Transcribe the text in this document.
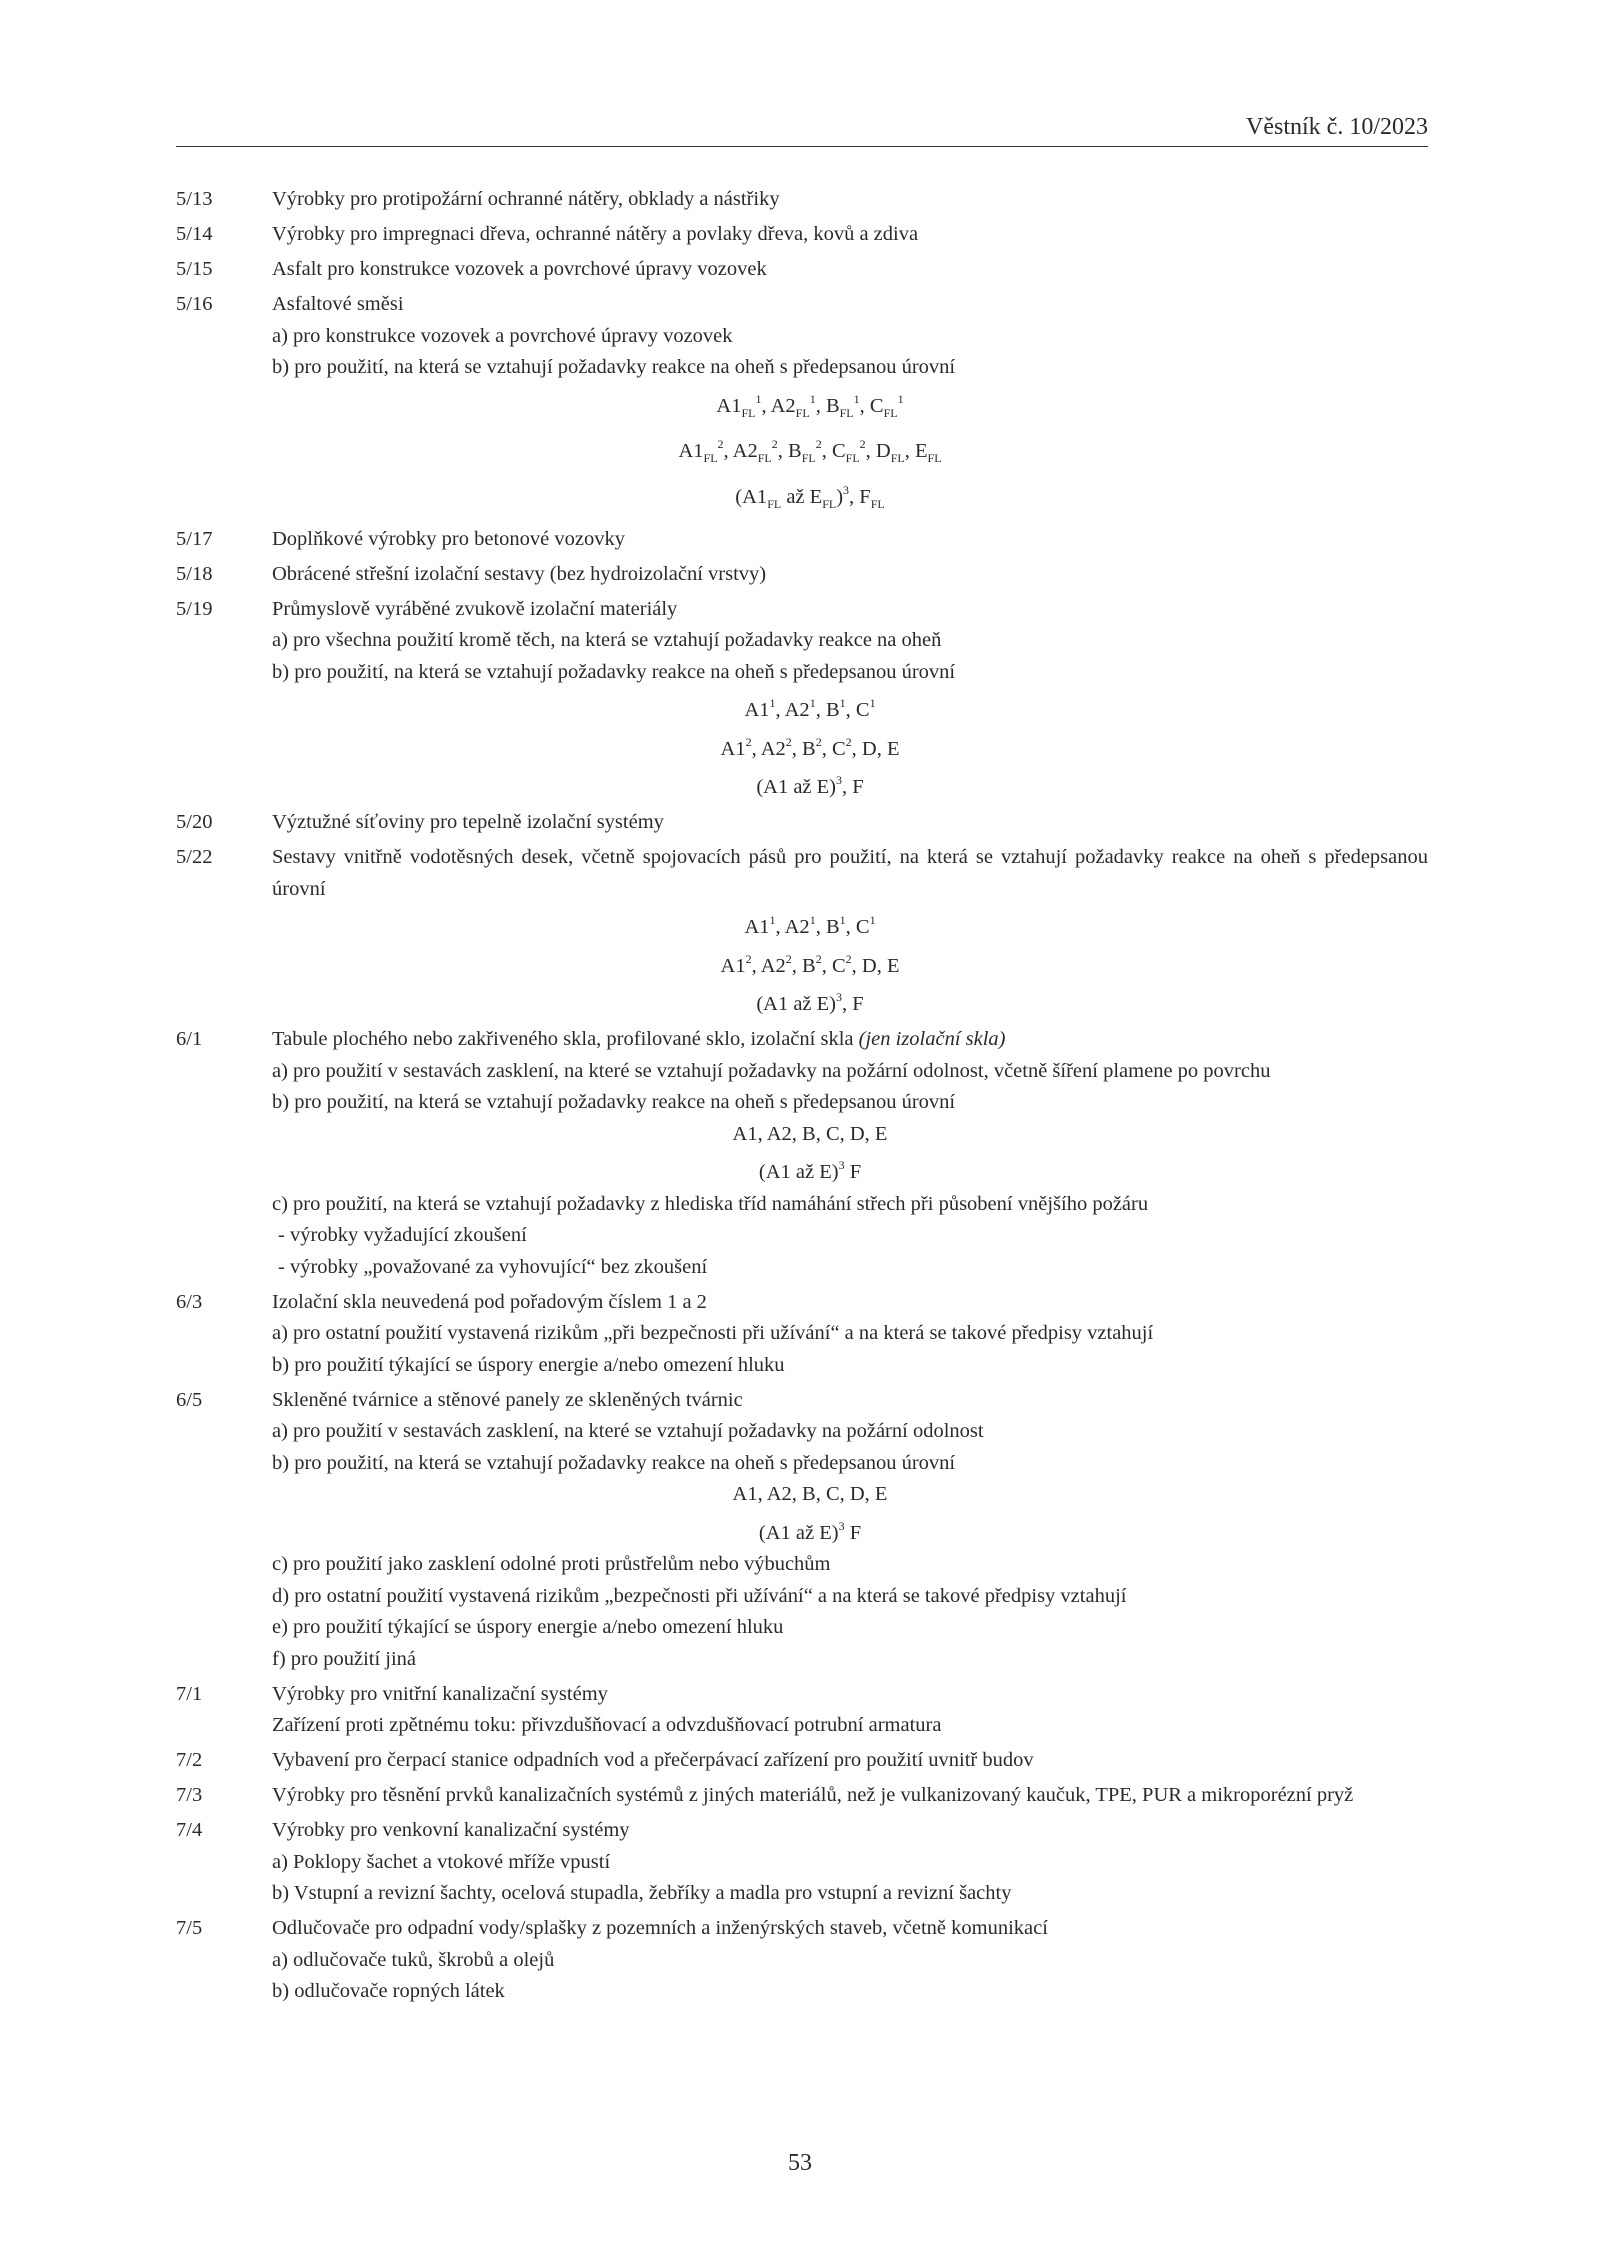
Věstník č. 10/2023
5/13	Výrobky pro protipožární ochranné nátěry, obklady a nástřiky
5/14	Výrobky pro impregnaci dřeva, ochranné nátěry a povlaky dřeva, kovů a zdiva
5/15	Asfalt pro konstrukce vozovek a povrchové úpravy vozovek
5/16	Asfaltové směsi
a) pro konstrukce vozovek a povrchové úpravy vozovek
b) pro použití, na která se vztahují požadavky reakce na oheň s předepsanou úrovní
$A1_{FL}^1$, $A2_{FL}^1$, $B_{FL}^1$, $C_{FL}^1$
$A1_{FL}^2$, $A2_{FL}^2$, $B_{FL}^2$, $C_{FL}^2$, $D_{FL}$, $E_{FL}$
($A1_{FL}$ až $E_{FL})^3$, $F_{FL}$
5/17	Doplňkové výrobky pro betonové vozovky
5/18	Obrácené střešní izolační sestavy (bez hydroizolační vrstvy)
5/19	Průmyslově vyráběné zvukově izolační materiály
a) pro všechna použití kromě těch, na která se vztahují požadavky reakce na oheň
b) pro použití, na která se vztahují požadavky reakce na oheň s předepsanou úrovní
$A1^1$, $A2^1$, $B^1$, $C^1$
$A1^2$, $A2^2$, $B^2$, $C^2$, D, E
(A1 až E)$^3$, F
5/20	Výztužné síťoviny pro tepelně izolační systémy
5/22	Sestavy vnitřně vodotěsných desek, včetně spojovacích pásů pro použití, na která se vztahují požadavky reakce na oheň s předepsanou úrovní
$A1^1$, $A2^1$, $B^1$, $C^1$
$A1^2$, $A2^2$, $B^2$, $C^2$, D, E
(A1 až E)$^3$, F
6/1	Tabule plochého nebo zakřiveného skla, profilované sklo, izolační skla (jen izolační skla)
a) pro použití v sestavách zasklení, na které se vztahují požadavky na požární odolnost, včetně šíření plamene po povrchu
b) pro použití, na která se vztahují požadavky reakce na oheň s předepsanou úrovní
A1, A2, B, C, D, E
(A1 až E)$^3$ F
c) pro použití, na která se vztahují požadavky z hlediska tříd namáhání střech při působení vnějšího požáru
- výrobky vyžadující zkoušení
- výrobky „považované za vyhovující“ bez zkoušení
6/3	Izolační skla neuvedená pod pořadovým číslem 1 a 2
a) pro ostatní použití vystavená rizikům „při bezpečnosti při užívání“ a na která se takové předpisy vztahují
b) pro použití týkající se úspory energie a/nebo omezení hluku
6/5	Skleněné tvárnice a stěnové panely ze skleněných tvárnic
a) pro použití v sestavách zasklení, na které se vztahují požadavky na požární odolnost
b) pro použití, na která se vztahují požadavky reakce na oheň s předepsanou úrovní
A1, A2, B, C, D, E
(A1 až E)$^3$ F
c) pro použití jako zasklení odolné proti průstřelům nebo výbuchům
d) pro ostatní použití vystavená rizikům „bezpečnosti při užívání“ a na která se takové předpisy vztahují
e) pro použití týkající se úspory energie a/nebo omezení hluku
f) pro použití jiná
7/1	Výrobky pro vnitřní kanalizační systémy
Zařízení proti zpětnému toku: přivzdušňovací a odvzdušňovací potrubní armatura
7/2	Vybavení pro čerpací stanice odpadních vod a přečerpávací zařízení pro použití uvnitř budov
7/3	Výrobky pro těsnění prvků kanalizačních systémů z jiných materiálů, než je vulkanizovaný kaučuk, TPE, PUR a mikroporézní pryž
7/4	Výrobky pro venkovní kanalizační systémy
a) Poklopy šachet a vtokové mříže vpustí
b) Vstupní a revizní šachty, ocelová stupadla, žebříky a madla pro vstupní a revizní šachty
7/5	Odlučovače pro odpadní vody/splašky z pozemních a inženýrských staveb, včetně komunikací
a) odlučovače tuků, škrobů a olejů
b) odlučovače ropných látek
53
